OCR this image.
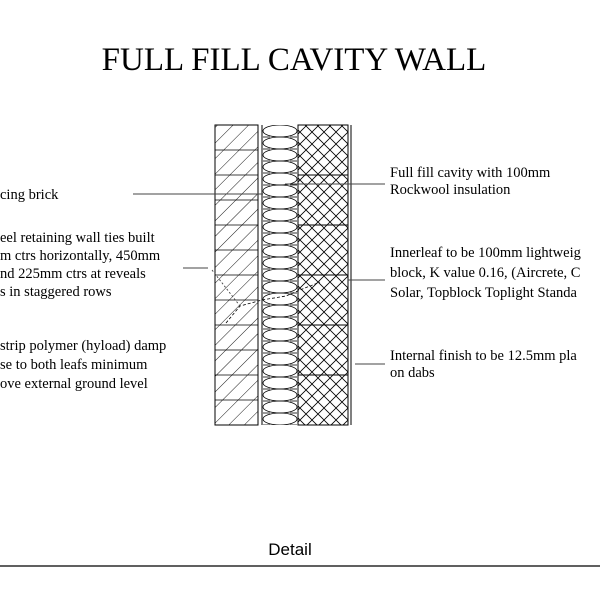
FULL FILL CAVITY WALL
cing brick
eel retaining wall ties built m ctrs horizontally, 450mm nd 225mm ctrs at reveals s in staggered rows
strip polymer (hyload) damp se to both leafs minimum ove external ground level
Full fill cavity with 100mm Rockwool insulation
Innerleaf to be 100mm lightweig block, K value 0.16, (Aircrete, C Solar, Topblock Toplight Standa
Internal finish to be 12.5mm pla on dabs
Detail
